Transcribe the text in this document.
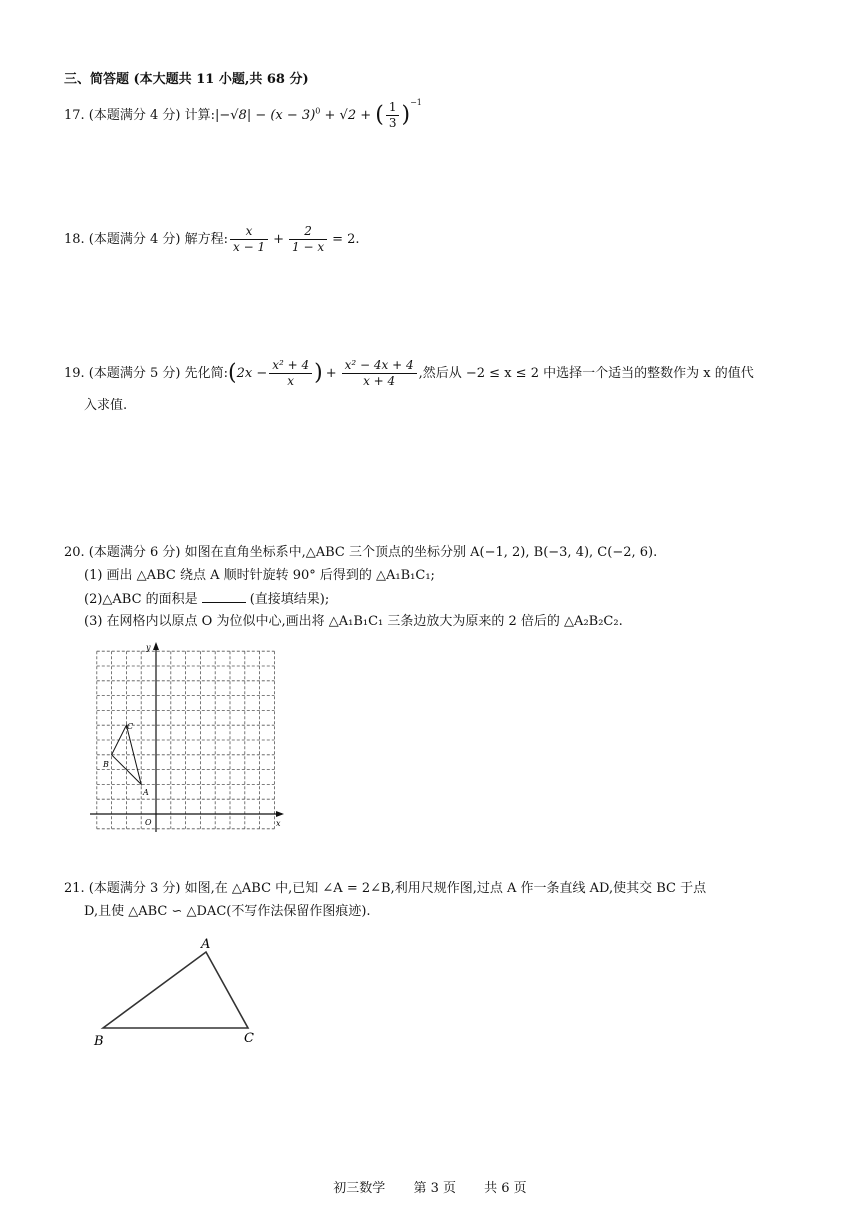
三、简答题 (本大题共 11 小题,共 68 分)
17. (本题满分 4 分) 计算:|−√8| − $(x - 3)^0 + √2$ + ( $\frac{1}{3} )^{-1}$
18. (本题满分 4 分) 解方程: $\frac{x}{x - 1} + \frac{2}{1 - x} = 2$.
19. (本题满分 5 分) 先化简:(2x − $\frac{\text{x² + 4}}{x}$ ) + $\frac{\text{x² − 4x + 4}}{x + 4}$ ,然后从 −2 ≤ x ≤ 2 中选择一个适当的整数作为 x 的值代
入求值.
20. (本题满分 6 分) 如图在直角坐标系中,△ABC 三个顶点的坐标分别 A(−1, 2), B(−3, 4), C(−2, 6).
(1) 画出 △ABC 绕点 A 顺时针旋转 90° 后得到的 △A₁B₁C₁;
(2)△ABC 的面积是	(直接填结果);
(3) 在网格内以原点 O 为位似中心,画出将 △A₁B₁C₁ 三条边放大为原来的 2 倍后的 △A₂B₂C₂.
x
y
O
A
B
C
21. (本题满分 3 分) 如图,在 △ABC 中,已知 ∠A = 2∠B,利用尺规作图,过点 A 作一条直线 AD,使其交 BC 于点
D,且使 △ABC ∽ △DAC(不写作法保留作图痕迹).
A
B	C
初三数学 第 3 页 共 6 页
